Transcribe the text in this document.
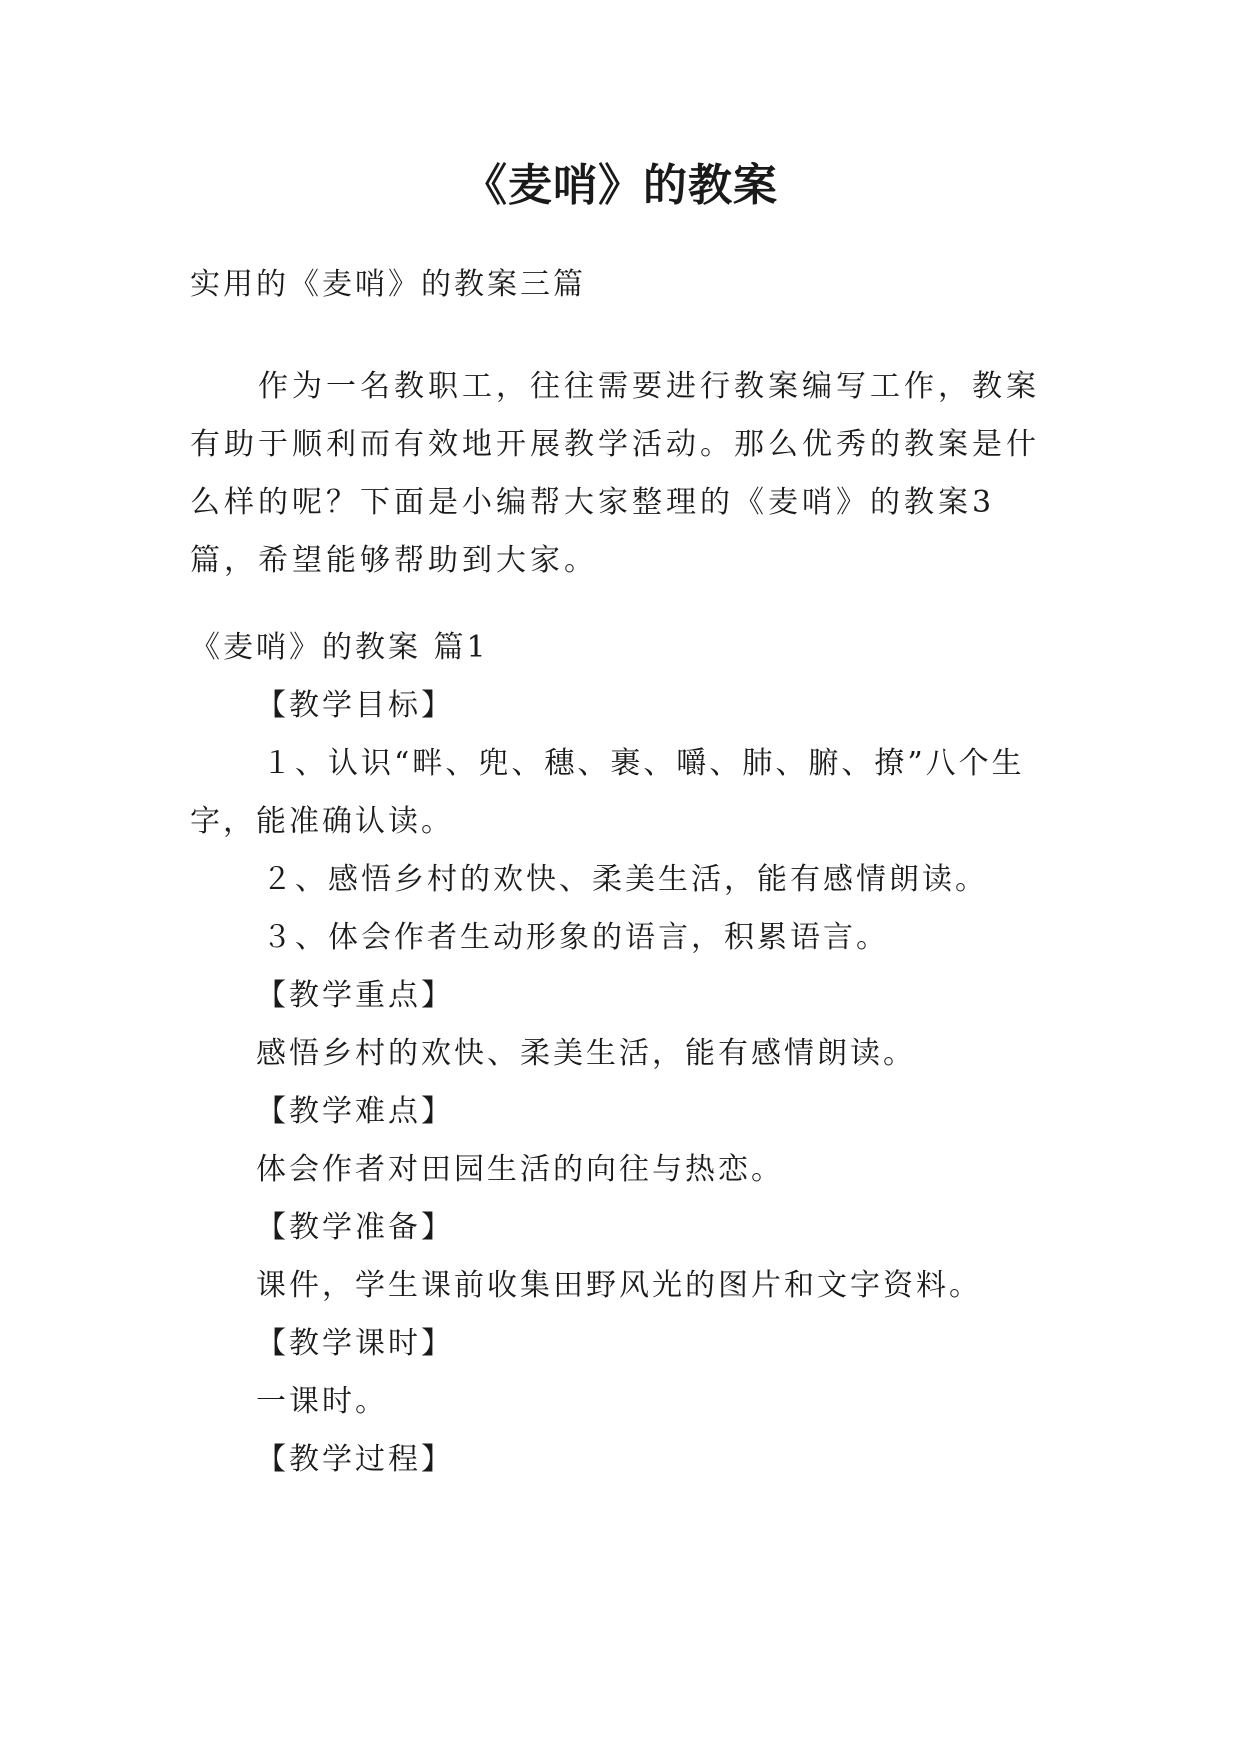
《麦哨》的教案

实用的《麦哨》的教案三篇

作为一名教职工，往往需要进行教案编写工作，教案有助于顺利而有效地开展教学活动。那么优秀的教案是什么样的呢？下面是小编帮大家整理的《麦哨》的教案3篇，希望能够帮助到大家。

《麦哨》的教案 篇1

【教学目标】

１、认识“畔、兜、穗、裹、嚼、肺、腑、撩”八个生

字，能准确认读。

２、感悟乡村的欢快、柔美生活，能有感情朗读。

３、体会作者生动形象的语言，积累语言。

【教学重点】

感悟乡村的欢快、柔美生活，能有感情朗读。

【教学难点】

体会作者对田园生活的向往与热恋。

【教学准备】

课件，学生课前收集田野风光的图片和文字资料。

【教学课时】

一课时。

【教学过程】
